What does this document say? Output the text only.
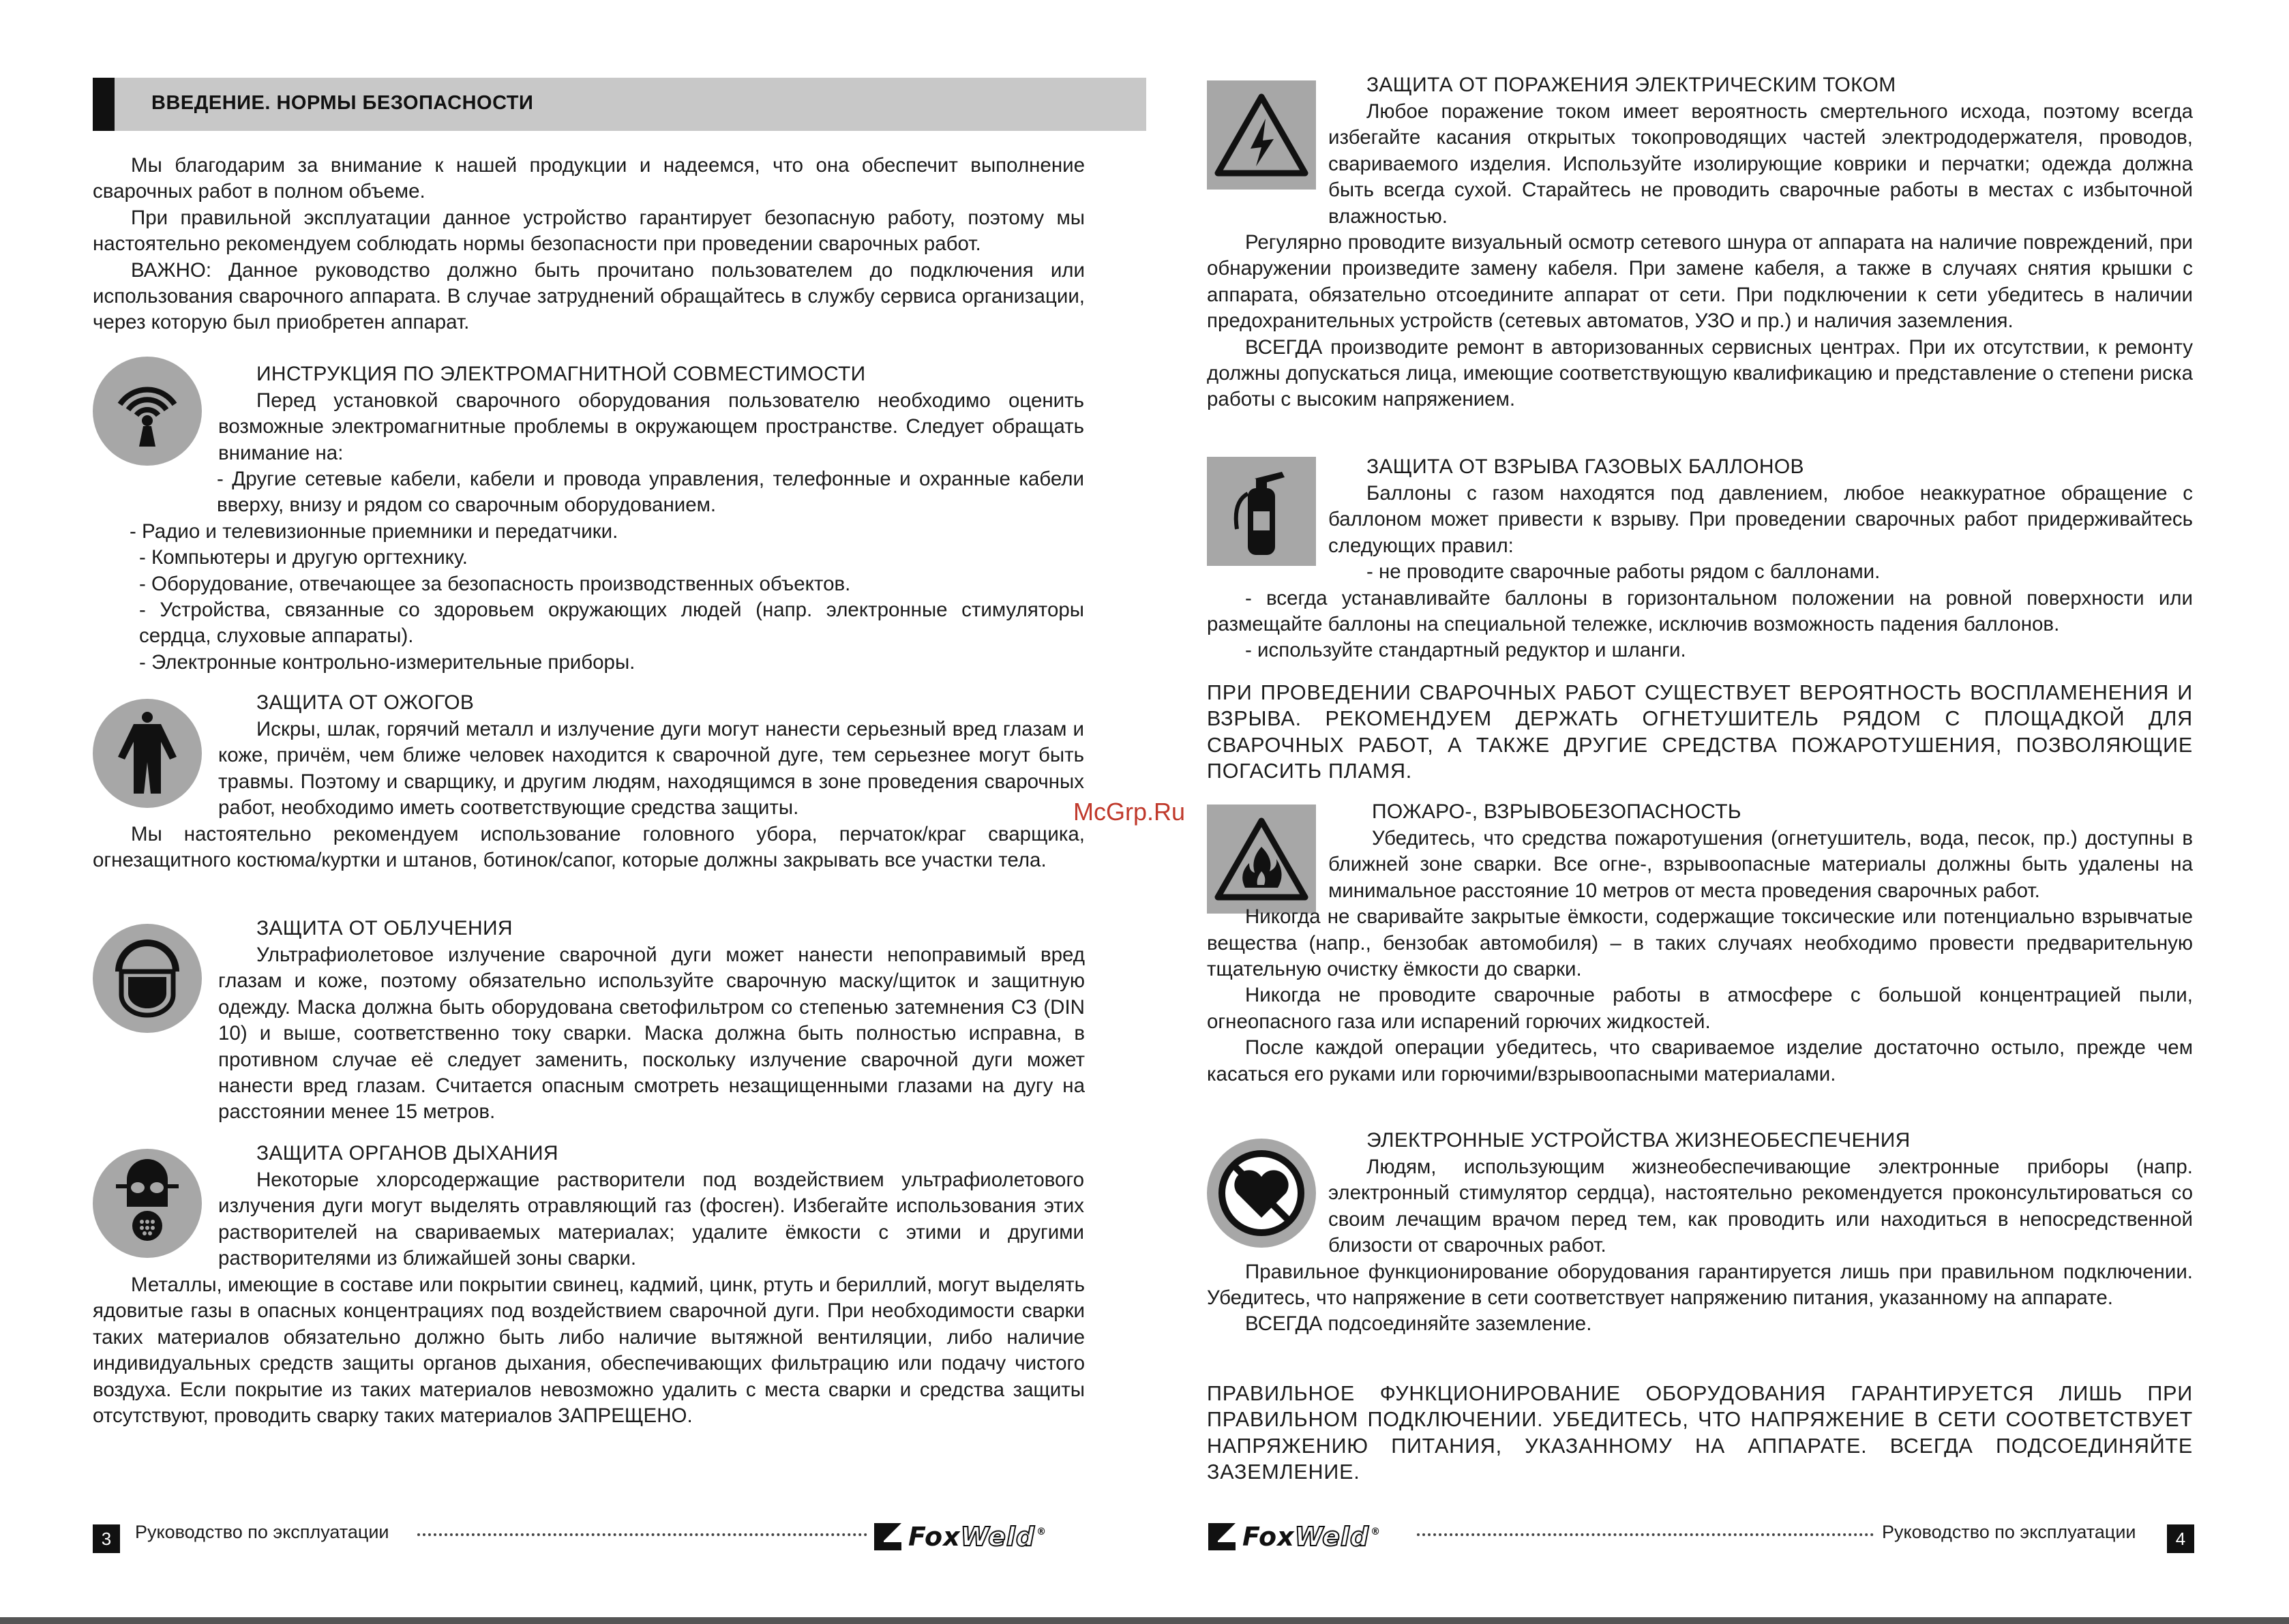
ВВЕДЕНИЕ. НОРМЫ БЕЗОПАСНОСТИ

Мы благодарим за внимание к нашей продукции и надеемся, что она обеспечит выполнение сварочных работ в полном объеме.

При правильной эксплуатации данное устройство гарантирует безопасную работу, поэтому мы настоятельно рекомендуем соблюдать нормы безопасности при проведении сварочных работ.

ВАЖНО: Данное руководство должно быть прочитано пользователем до подключения или использования сварочного аппарата. В случае затруднений обращайтесь в службу сервиса организации, через которую был приобретен аппарат.

ИНСТРУКЦИЯ ПО ЭЛЕКТРОМАГНИТНОЙ СОВМЕСТИМОСТИ

Перед установкой сварочного оборудования пользователю необходимо оценить возможные электромагнитные проблемы в окружающем пространстве. Следует обращать внимание на:

- Другие сетевые кабели, кабели и провода управления, телефонные и охранные кабели вверху, внизу и рядом со сварочным оборудованием.

- Радио и телевизионные приемники и передатчики.

- Компьютеры и другую оргтехнику.

- Оборудование, отвечающее за безопасность производственных объектов.

- Устройства, связанные со здоровьем окружающих людей (напр. электронные стимуляторы сердца, слуховые аппараты).

- Электронные контрольно-измерительные приборы.

ЗАЩИТА ОТ ОЖОГОВ

Искры, шлак, горячий металл и излучение дуги могут нанести серьезный вред глазам и коже, причём, чем ближе человек находится к сварочной дуге, тем серьезнее могут быть травмы. Поэтому и сварщику, и другим людям, находящимся в зоне проведения сварочных работ, необходимо иметь соответствующие средства защиты.

Мы настоятельно рекомендуем использование головного убора, перчаток/краг сварщика, огнезащитного костюма/куртки и штанов, ботинок/сапог, которые должны закрывать все участки тела.

ЗАЩИТА ОТ ОБЛУЧЕНИЯ

Ультрафиолетовое излучение сварочной дуги может нанести непоправимый вред глазам и коже, поэтому обязательно используйте сварочную маску/щиток и защитную одежду. Маска должна быть оборудована светофильтром со степенью затемнения С3 (DIN 10) и выше, соответственно току сварки. Маска должна быть полностью исправна, в противном случае её следует заменить, поскольку излучение сварочной дуги может нанести вред глазам. Считается опасным смотреть незащищенными глазами на дугу на расстоянии менее 15 метров.

ЗАЩИТА ОРГАНОВ ДЫХАНИЯ

Некоторые хлорсодержащие растворители под воздействием ультрафиолетового излучения дуги могут выделять отравляющий газ (фосген). Избегайте использования этих растворителей на свариваемых материалах; удалите ёмкости с этими и другими растворителями из ближайшей зоны сварки.

Металлы, имеющие в составе или покрытии свинец, кадмий, цинк, ртуть и бериллий, могут выделять ядовитые газы в опасных концентрациях под воздействием сварочной дуги. При необходимости сварки таких материалов обязательно должно быть либо наличие вытяжной вентиляции, либо наличие индивидуальных средств защиты органов дыхания, обеспечивающих фильтрацию или подачу чистого воздуха. Если покрытие из таких материалов невозможно удалить с места сварки и средства защиты отсутствуют, проводить сварку таких материалов ЗАПРЕЩЕНО.

3	Руководство по эксплуатации	FoxWeld ®
ЗАЩИТА ОТ ПОРАЖЕНИЯ ЭЛЕКТРИЧЕСКИМ ТОКОМ

Любое поражение током имеет вероятность смертельного исхода, поэтому всегда избегайте касания открытых токопроводящих частей электрододержателя, проводов, свариваемого изделия. Используйте изолирующие коврики и перчатки; одежда должна быть всегда сухой. Старайтесь не проводить сварочные работы в местах с избыточной влажностью.

Регулярно проводите визуальный осмотр сетевого шнура от аппарата на наличие повреждений, при обнаружении произведите замену кабеля. При замене кабеля, а также в случаях снятия крышки с аппарата, обязательно отсоедините аппарат от сети. При подключении к сети убедитесь в наличии предохранительных устройств (сетевых автоматов, УЗО и пр.) и наличия заземления.

ВСЕГДА производите ремонт в авторизованных сервисных центрах. При их отсутствии, к ремонту должны допускаться лица, имеющие соответствующую квалификацию и представление о степени риска работы с высоким напряжением.

ЗАЩИТА ОТ ВЗРЫВА ГАЗОВЫХ БАЛЛОНОВ

Баллоны с газом находятся под давлением, любое неаккуратное обращение с баллоном может привести к взрыву. При проведении сварочных работ придерживайтесь следующих правил:

- не проводите сварочные работы рядом с баллонами.

- всегда устанавливайте баллоны в горизонтальном положении на ровной поверхности или размещайте баллоны на специальной тележке, исключив возможность падения баллонов.

- используйте стандартный редуктор и шланги.

ПРИ ПРОВЕДЕНИИ СВАРОЧНЫХ РАБОТ СУЩЕСТВУЕТ ВЕРОЯТНОСТЬ ВОСПЛАМЕНЕНИЯ И ВЗРЫВА. РЕКОМЕНДУЕМ ДЕРЖАТЬ ОГНЕТУШИТЕЛЬ РЯДОМ С ПЛОЩАДКОЙ ДЛЯ СВАРОЧНЫХ РАБОТ, А ТАКЖЕ ДРУГИЕ СРЕДСТВА ПОЖАРОТУШЕНИЯ, ПОЗВОЛЯЮЩИЕ ПОГАСИТЬ ПЛАМЯ.
ПОЖАРО-, ВЗРЫВОБЕЗОПАСНОСТЬ

Убедитесь, что средства пожаротушения (огнетушитель, вода, песок, пр.) доступны в ближней зоне сварки. Все огнe-, взрывоопасные материалы должны быть удалены на минимальное расстояние 10 метров от места проведения сварочных работ.

Никогда не сваривайте закрытые ёмкости, содержащие токсические или потенциально взрывчатые вещества (напр., бензобак автомобиля) – в таких случаях необходимо провести предварительную тщательную очистку ёмкости до сварки.

Никогда не проводите сварочные работы в атмосфере с большой концентрацией пыли, огнеопасного газа или испарений горючих жидкостей.

После каждой операции убедитесь, что свариваемое изделие достаточно остыло, прежде чем касаться его руками или горючими/взрывоопасными материалами.

ЭЛЕКТРОННЫЕ УСТРОЙСТВА ЖИЗНЕОБЕСПЕЧЕНИЯ

Людям, использующим жизнеобеспечивающие электронные приборы (напр. электронный стимулятор сердца), настоятельно рекомендуется проконсультироваться со своим лечащим врачом перед тем, как проводить или находиться в непосредственной близости от сварочных работ.

Правильное функционирование оборудования гарантируется лишь при правильном подключении. Убедитесь, что напряжение в сети соответствует напряжению питания, указанному на аппарате.

ВСЕГДА подсоединяйте заземление.

ПРАВИЛЬНОЕ ФУНКЦИОНИРОВАНИЕ ОБОРУДОВАНИЯ ГАРАНТИРУЕТСЯ ЛИШЬ ПРИ ПРАВИЛЬНОМ ПОДКЛЮЧЕНИИ. УБЕДИТЕСЬ, ЧТО НАПРЯЖЕНИЕ В СЕТИ СООТВЕТСТВУЕТ НАПРЯЖЕНИЮ ПИТАНИЯ, УКАЗАННОМУ НА АППАРАТЕ. ВСЕГДА ПОДСОЕДИНЯЙТЕ ЗАЗЕМЛЕНИЕ.
FoxWeld ®	Руководство по эксплуатации	4
McGrp.Ru
